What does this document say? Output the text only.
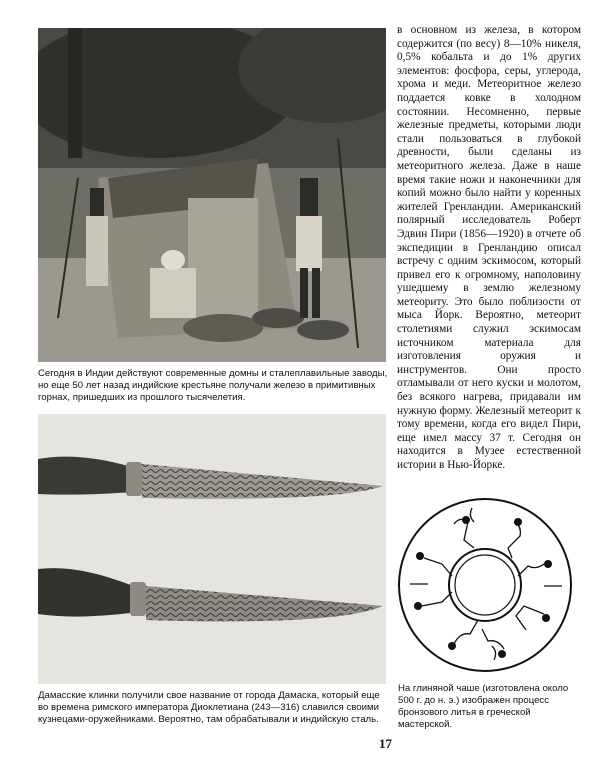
Сегодня в Индии действуют современные домны и сталеплавильные заводы, но еще 50 лет назад индийские крестьяне получали железо в примитивных горнах, пришедших из прошлого тысячелетия.

Дамасские клинки получили свое название от города Дамаска, который еще во времена римского императора Диоклетиана (243—316) славился своими кузнецами-оружейниками. Вероятно, там обрабатывали и индийскую сталь.

в основном из железа, в котором содержится (по весу) 8—10% никеля, 0,5% кобальта и до 1% других элементов: фосфора, серы, углерода, хрома и меди. Метеоритное железо поддается ковке в холодном состоянии. Несомненно, первые железные предметы, которыми люди стали пользоваться в глубокой древности, были сделаны из метеоритного железа. Даже в наше время такие ножи и наконечники для копий можно было найти у коренных жителей Гренландии. Американский полярный исследователь Роберт Эдвин Пири (1856—1920) в отчете об экспедиции в Гренландию описал встречу с одним эскимосом, который привел его к огромному, наполовину ушедшему в землю железному метеориту. Это было поблизости от мыса Йорк. Вероятно, метеорит столетиями служил эскимосам источником материала для изготовления оружия и инструментов. Они просто отламывали от него куски и молотом, без всякого нагрева, придавали им нужную форму. Железный метеорит к тому времени, когда его видел Пири, еще имел массу 37 т. Сегодня он находится в Музее естественной истории в Нью-Йорке.

На глиняной чаше (изготовлена около 500 г. до н. э.) изображен процесс бронзового литья в греческой мастерской.

17
